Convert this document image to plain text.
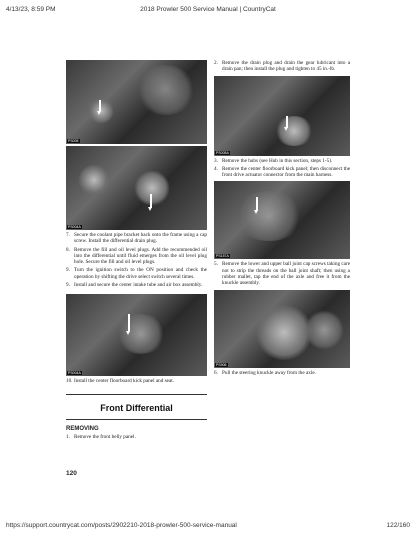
4/13/23, 8:59 PM	2018 Prowler 500 Service Manual | CountryCat
PS005
PS004A
7. Secure the coolant pipe bracket back onto the frame using a cap screw. Install the differential drain plug.
8. Remove the fill and oil level plugs. Add the recommended oil into the differential until fluid emerges from the oil level plug hole. Secure the fill and oil level plugs.
9. Turn the ignition switch to the ON position and check the operation by shifting the drive select switch several times.
9. Install and secure the center intake tube and air box assembly.
PS004A
10. Install the center floorboard kick panel and seat.
Front Differential
REMOVING
1. Remove the front belly panel.
2. Remove the drain plug and drain the gear lubricant into a drain pan; then install the plug and tighten to 45 in.-lb.
PS005A
3. Remove the hubs (see Hub in this section, steps 1-5).
4. Remove the center floorboard kick panel; then disconnect the front drive actuator connector from the main harness.
PS157A
5. Remove the lower and upper ball joint cap screws taking care not to strip the threads on the ball joint shaft; then using a rubber mallet, tap the end of the axle and free it from the knuckle assembly.
PS906
6. Pull the steering knuckle away from the axle.
120
https://support.countrycat.com/posts/2902210-2018-prowler-500-service-manual	122/160
